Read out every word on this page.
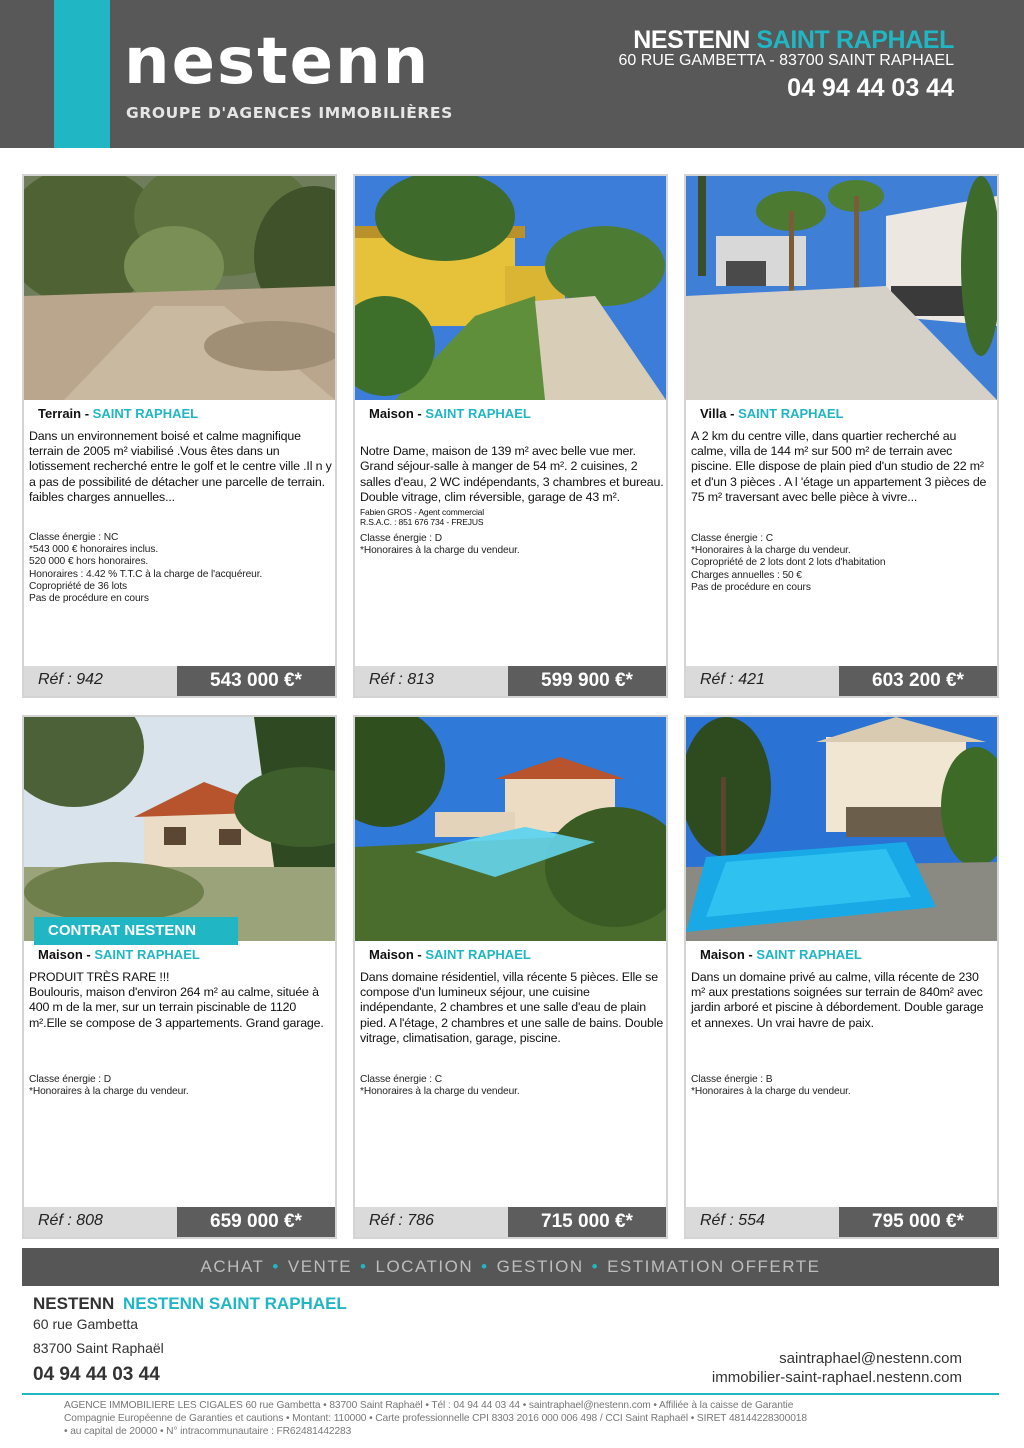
nestenn
GROUPE D'AGENCES IMMOBILIÈRES
NESTENN SAINT RAPHAEL
60 RUE GAMBETTA - 83700 SAINT RAPHAEL
04 94 44 03 44
Terrain - SAINT RAPHAEL
Dans un environnement boisé et calme magnifique terrain de 2005 m² viabilisé .Vous êtes dans un lotissement recherché entre le golf et le centre ville .Il n y a pas de possibilité de détacher une parcelle de terrain.
faibles charges annuelles...
Classe énergie : NC
*543 000 € honoraires inclus.
520 000 € hors honoraires.
Honoraires : 4.42 % T.T.C à la charge de l'acquéreur.
Copropriété de 36 lots
Pas de procédure en cours
Réf : 942	543 000 €*
Maison - SAINT RAPHAEL

Notre Dame, maison de 139 m² avec belle vue mer. Grand séjour-salle à manger de 54 m². 2 cuisines, 2 salles d'eau, 2 WC indépendants, 3 chambres et bureau. Double vitrage, clim réversible, garage de 43 m².

Fabien GROS - Agent commercial
R.S.A.C. : 851 676 734 - FREJUS

Classe énergie : D
*Honoraires à la charge du vendeur.
Réf : 813	599 900 €*
Villa - SAINT RAPHAEL
A 2 km du centre ville, dans quartier recherché au calme, villa de 144 m² sur 500 m² de terrain avec piscine. Elle dispose de plain pied d'un studio de 22 m² et d'un 3 pièces . A l 'étage un appartement 3 pièces de 75 m² traversant avec belle pièce à vivre...
Classe énergie : C
*Honoraires à la charge du vendeur.
Copropriété de 2 lots dont 2 lots d'habitation
Charges annuelles : 50 €
Pas de procédure en cours
Réf : 421	603 200 €*
CONTRAT NESTENN
Maison - SAINT RAPHAEL
PRODUIT TRÈS RARE !!!
Boulouris, maison d'environ 264 m² au calme, située à 400 m de la mer, sur un terrain piscinable de 1120 m².Elle se compose de 3 appartements. Grand garage.
Classe énergie : D
*Honoraires à la charge du vendeur.
Réf : 808	659 000 €*
Maison - SAINT RAPHAEL
Dans domaine résidentiel, villa récente 5 pièces. Elle se compose d'un lumineux séjour, une cuisine indépendante, 2 chambres et une salle d'eau de plain pied. A l'étage, 2 chambres et une salle de bains. Double vitrage, climatisation, garage, piscine.
Classe énergie : C
*Honoraires à la charge du vendeur.
Réf : 786	715 000 €*
Maison - SAINT RAPHAEL
Dans un domaine privé au calme, villa récente de 230 m² aux prestations soignées sur terrain de 840m² avec jardin arboré et piscine à débordement. Double garage et annexes. Un vrai havre de paix.
Classe énergie : B
*Honoraires à la charge du vendeur.
Réf : 554	795 000 €*
ACHAT • VENTE • LOCATION • GESTION • ESTIMATION OFFERTE
NESTENN NESTENN SAINT RAPHAEL
60 rue Gambetta
83700 Saint Raphaël
04 94 44 03 44
saintraphael@nestenn.com
immobilier-saint-raphael.nestenn.com
AGENCE IMMOBILIERE LES CIGALES 60 rue Gambetta • 83700 Saint Raphaël • Tél : 04 94 44 03 44 • saintraphael@nestenn.com • Affiliée à la caisse de Garantie
Compagnie Européenne de Garanties et cautions • Montant: 110000 • Carte professionnelle CPI 8303 2016 000 006 498 / CCI Saint Raphaël • SIRET 48144228300018
• au capital de 20000 • N° intracommunautaire : FR62481442283
